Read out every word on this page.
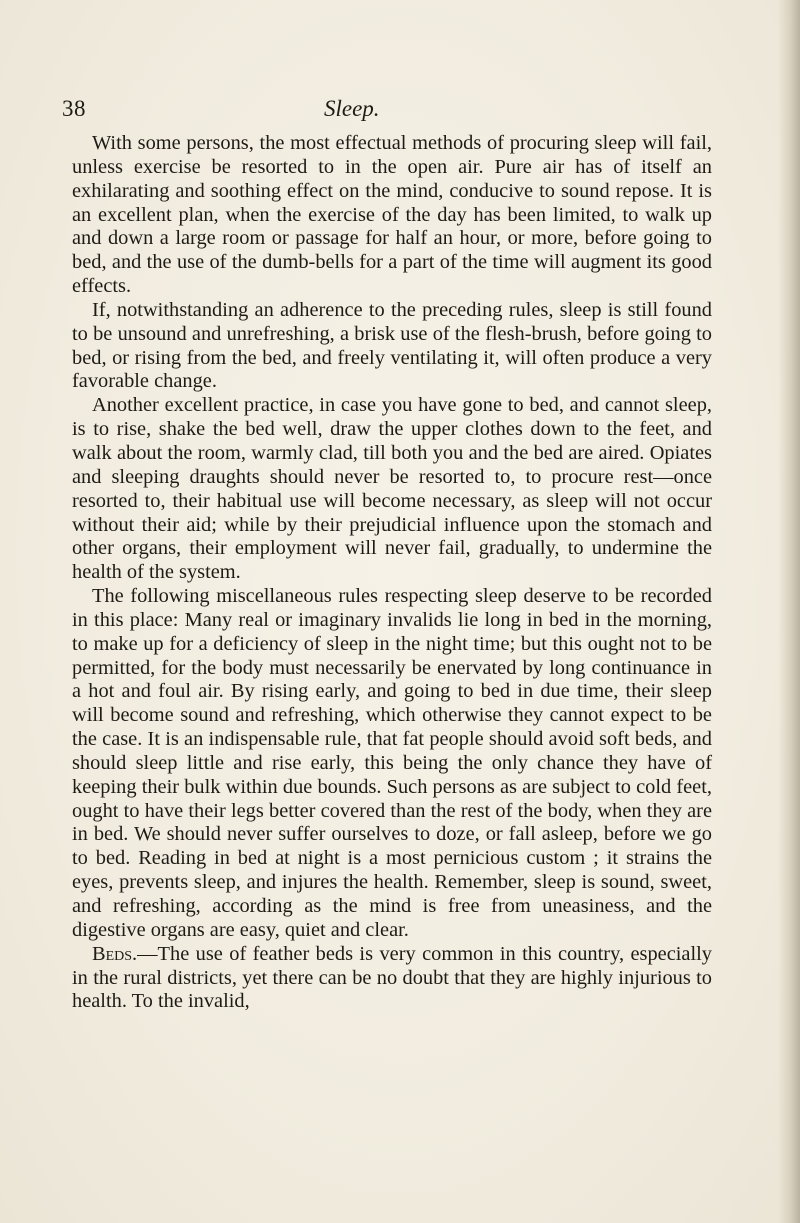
38	Sleep.

With some persons, the most effectual methods of procuring sleep will fail, unless exercise be resorted to in the open air. Pure air has of itself an exhilarating and soothing effect on the mind, conducive to sound repose. It is an excellent plan, when the exercise of the day has been limited, to walk up and down a large room or passage for half an hour, or more, before going to bed, and the use of the dumb-bells for a part of the time will augment its good effects.

If, notwithstanding an adherence to the preceding rules, sleep is still found to be unsound and unrefreshing, a brisk use of the flesh-brush, before going to bed, or rising from the bed, and freely ventilating it, will often produce a very favorable change.

Another excellent practice, in case you have gone to bed, and cannot sleep, is to rise, shake the bed well, draw the upper clothes down to the feet, and walk about the room, warmly clad, till both you and the bed are aired. Opiates and sleeping draughts should never be resorted to, to procure rest—once resorted to, their habitual use will become necessary, as sleep will not occur without their aid; while by their prejudicial influence upon the stomach and other organs, their employment will never fail, gradually, to undermine the health of the system.

The following miscellaneous rules respecting sleep deserve to be recorded in this place: Many real or imaginary invalids lie long in bed in the morning, to make up for a deficiency of sleep in the night time; but this ought not to be permitted, for the body must necessarily be enervated by long continuance in a hot and foul air. By rising early, and going to bed in due time, their sleep will become sound and refreshing, which otherwise they cannot expect to be the case. It is an indispensable rule, that fat people should avoid soft beds, and should sleep little and rise early, this being the only chance they have of keeping their bulk within due bounds. Such persons as are subject to cold feet, ought to have their legs better covered than the rest of the body, when they are in bed. We should never suffer ourselves to doze, or fall asleep, before we go to bed. Reading in bed at night is a most pernicious custom ; it strains the eyes, prevents sleep, and injures the health. Remember, sleep is sound, sweet, and refreshing, according as the mind is free from uneasiness, and the digestive organs are easy, quiet and clear.

Beds.—The use of feather beds is very common in this country, especially in the rural districts, yet there can be no doubt that they are highly injurious to health. To the invalid,
